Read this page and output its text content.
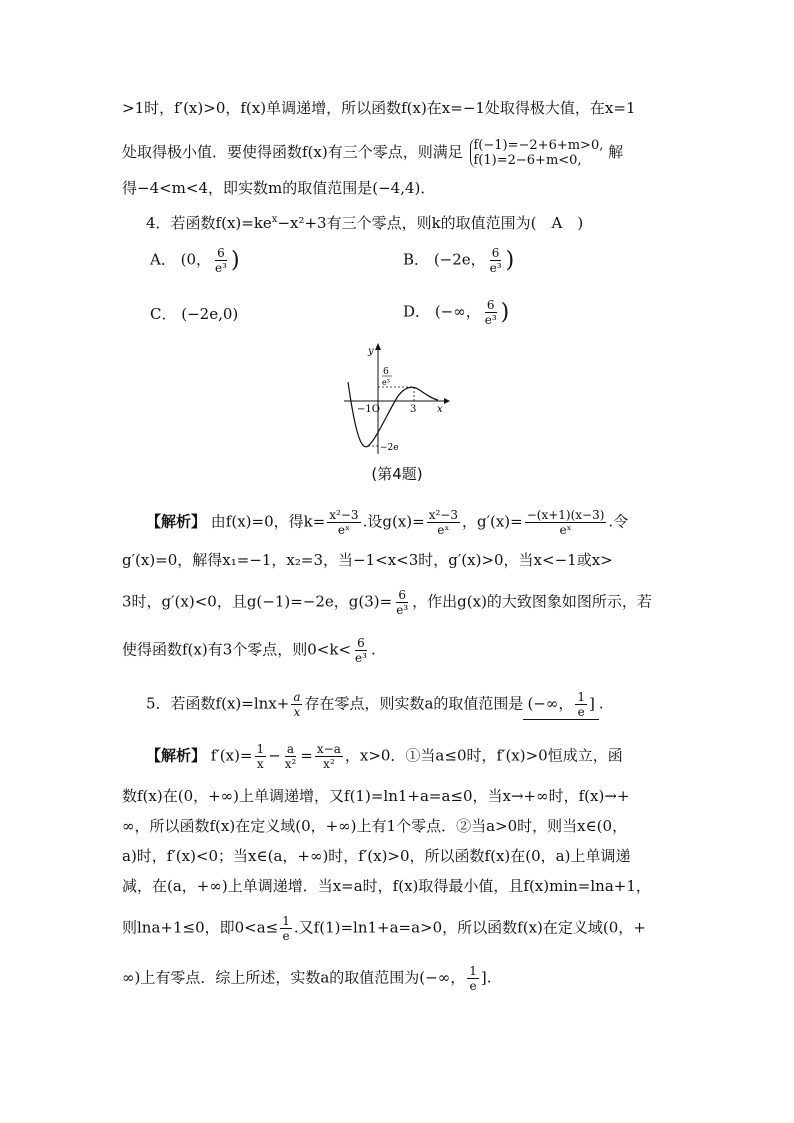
>1时，f′(x)>0，f(x)单调递增，所以函数f(x)在x=−1处取得极大值，在x=1
处取得极小值．要使得函数f(x)有三个零点，则满足 f(−1)=−2+6+m>0,
f(1)=2−6+m<0,	解
得−4<m<4，即实数m的取值范围是(−4,4)．
4．若函数$f(x)=ke^x-x^2+3$有三个零点，则k的取值范围为(　A　)
A． (0， $\frac{6}{\text{e³}}$ )	B． (−2e， $\frac{6}{\text{e³}}$ )
C． (−2e,0)	D． (−∞， $\frac{6}{\text{e³}}$ )
y
x
−1O	3
6
e³
−2e
(第4题)
【解析】 由f(x)=0，得$k= \frac{\text{x²−3}}{\text{eˣ}}$ .设$g(x)= \frac{\text{x²−3}}{\text{eˣ}}$ ，$g'(x)= \frac{-(x+1)(x-3)}{\text{eˣ}}$ .令
g′(x)=0，解得x₁=−1，x₂=3，当−1<x<3时，g′(x)>0，当x<−1或x>
3时，g′(x)<0，且g(−1)=−2e，$g(3)= \frac{6}{\text{e³}}$ ，作出g(x)的大致图象如图所示，若
使得函数f(x)有3个零点，则$0<k< \frac{6}{\text{e³}}$ .
5．若函数$f(x)=\ln x+ \frac{a}{x}$ 存在零点，则实数a的取值范围是 (−∞， $\frac{1}{e}$ ] .
【解析】 $f'(x)= \frac{1}{x} - \frac{a}{\text{x²}} = \frac{x-a}{\text{x²}}$ ，x>0．①当a≤0时，f′(x)>0恒成立，函
数f(x)在(0，+∞)上单调递增，又f(1)=ln1+a=a≤0，当x→+∞时，f(x)→+
∞，所以函数f(x)在定义域(0，+∞)上有1个零点．②当a>0时，则当x∈(0，
a)时，f′(x)<0；当x∈(a，+∞)时，f′(x)>0，所以函数f(x)在(0，a)上单调递
减，在(a，+∞)上单调递增．当x=a时，f(x)取得最小值，且f(x)min=lna+1，
则lna+1≤0，即$0<a\le \frac{1}{e}$ .又f(1)=ln1+a=a>0，所以函数f(x)在定义域(0，+
∞)上有零点．综上所述，实数a的取值范围为(−∞， $\frac{1}{e}$ ].
